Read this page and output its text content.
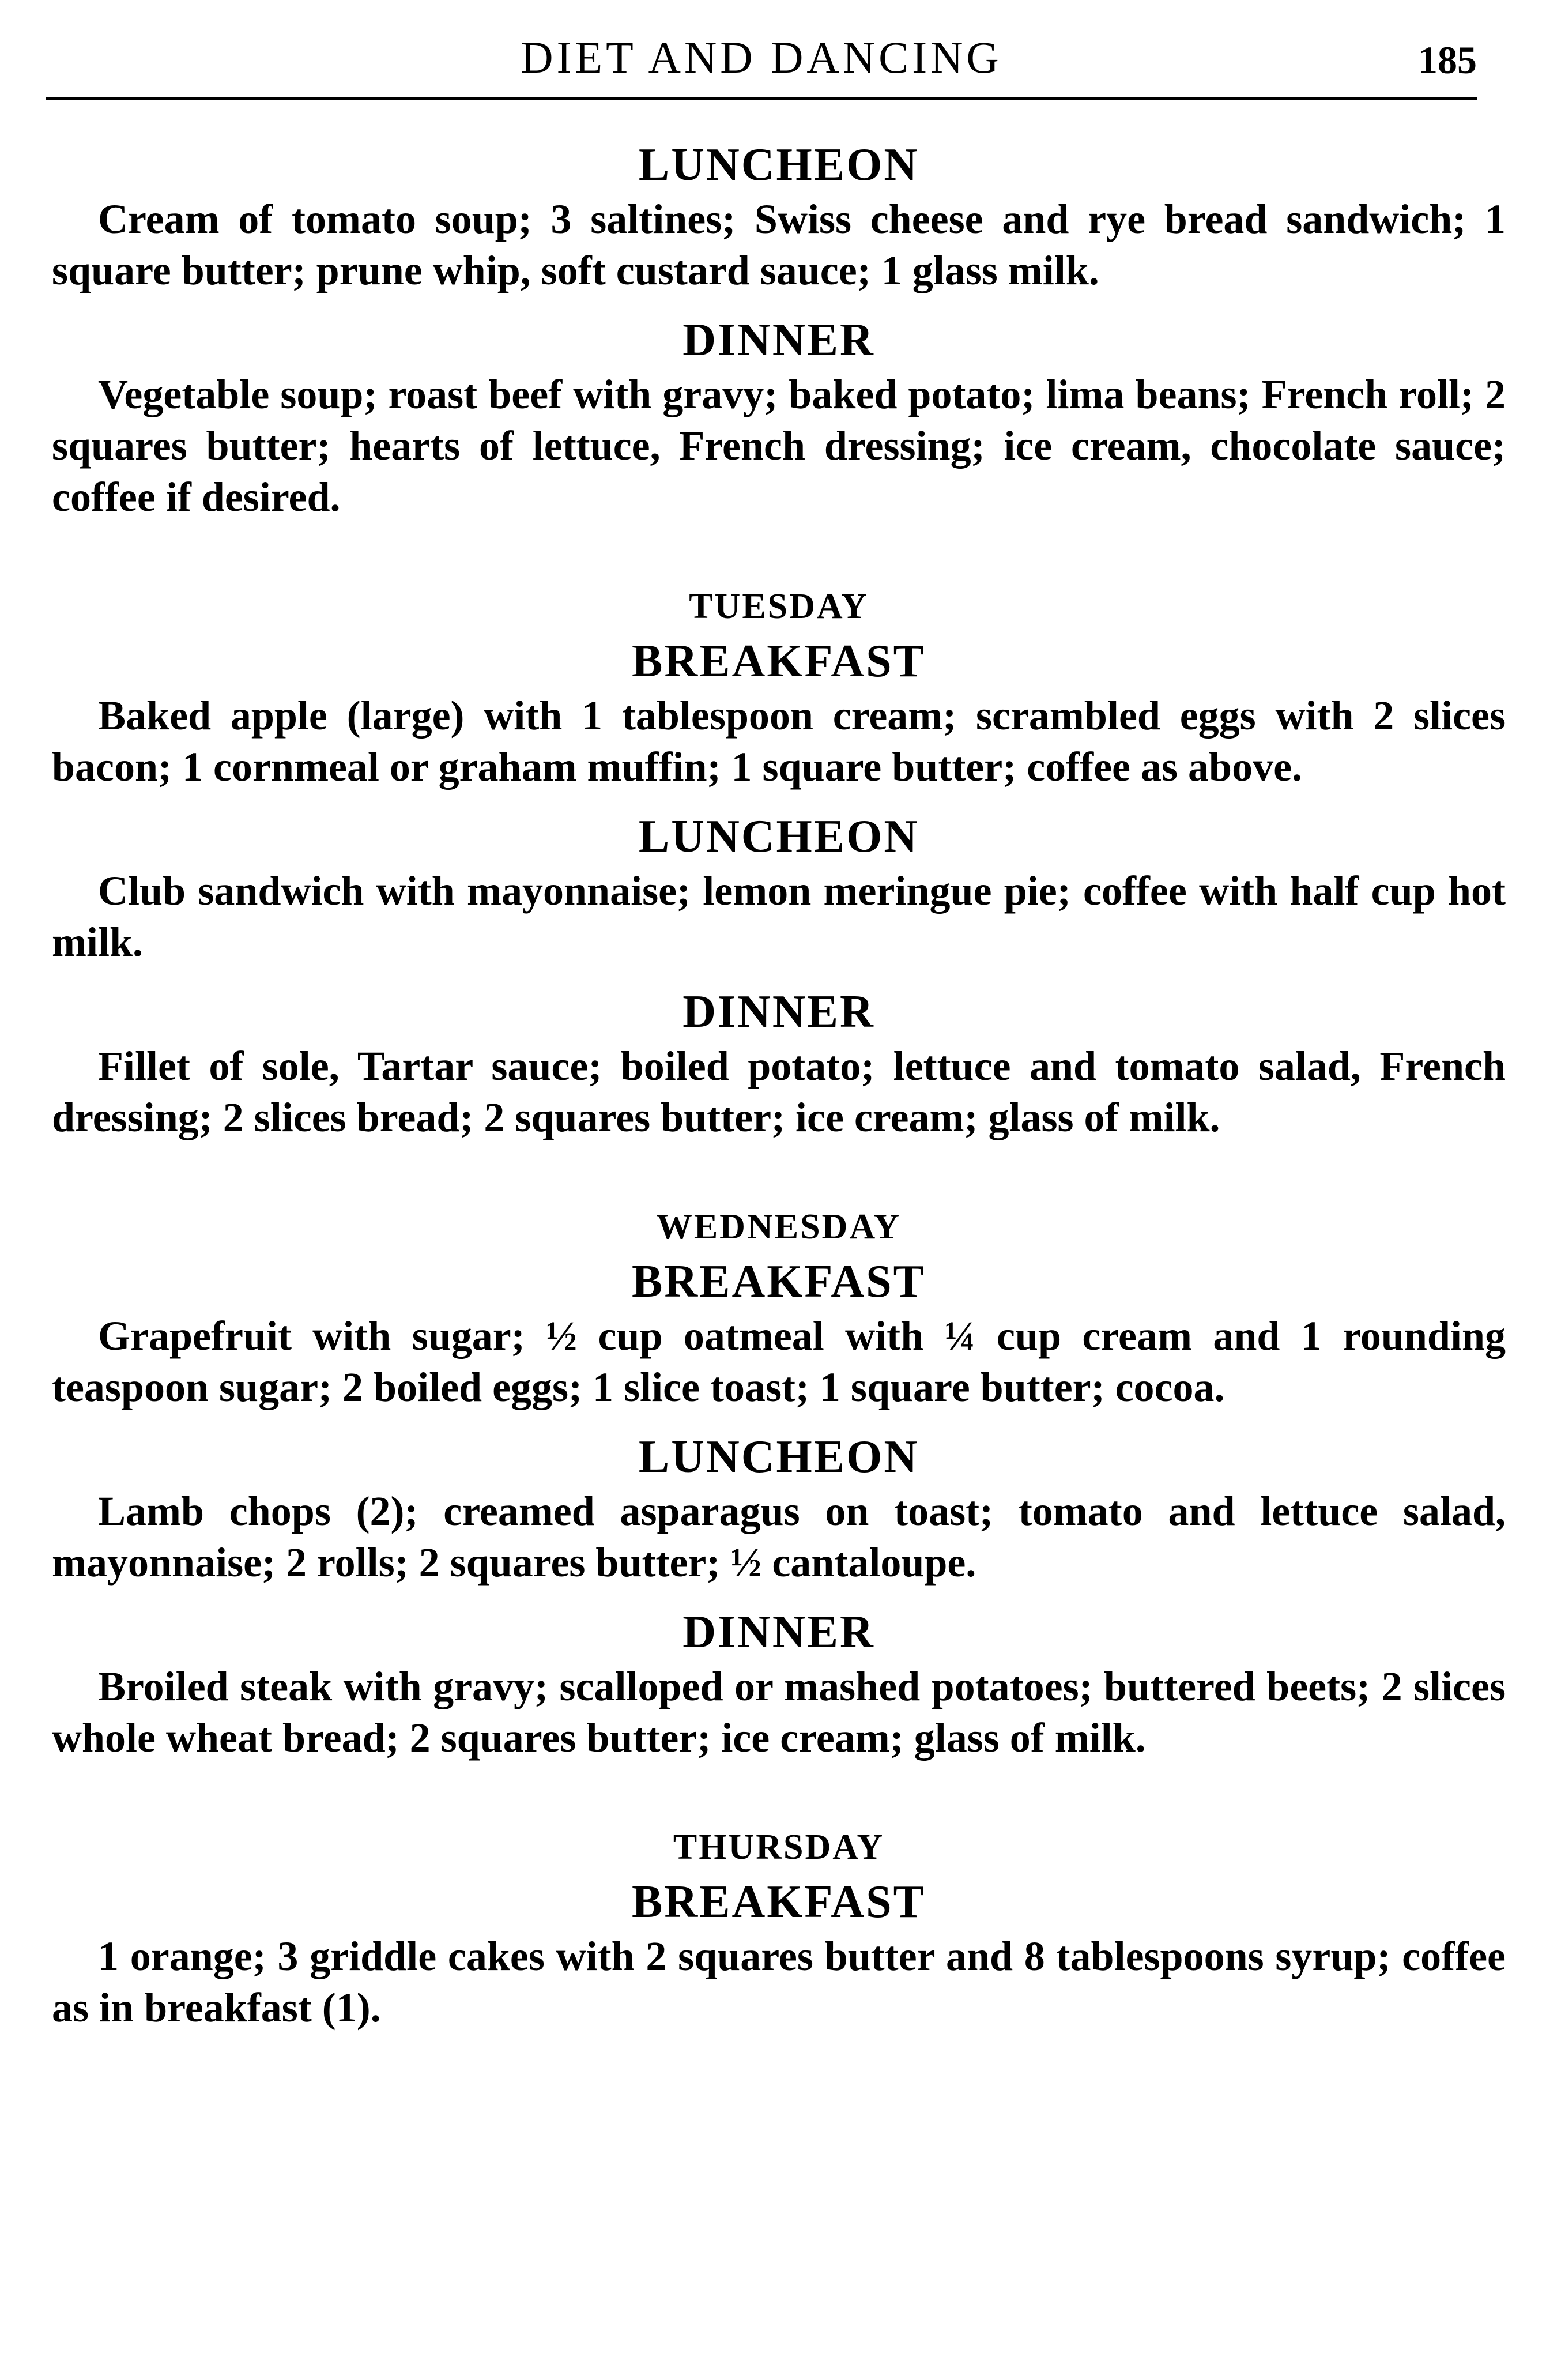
DIET AND DANCING	185
LUNCHEON

Cream of tomato soup; 3 saltines; Swiss cheese and rye bread sandwich; 1 square butter; prune whip, soft custard sauce; 1 glass milk.

DINNER

Vegetable soup; roast beef with gravy; baked potato; lima beans; French roll; 2 squares butter; hearts of lettuce, French dressing; ice cream, chocolate sauce; coffee if desired.

TUESDAY
BREAKFAST

Baked apple (large) with 1 tablespoon cream; scrambled eggs with 2 slices bacon; 1 cornmeal or graham muffin; 1 square butter; coffee as above.

LUNCHEON

Club sandwich with mayonnaise; lemon meringue pie; coffee with half cup hot milk.

DINNER

Fillet of sole, Tartar sauce; boiled potato; lettuce and tomato salad, French dressing; 2 slices bread; 2 squares butter; ice cream; glass of milk.

WEDNESDAY
BREAKFAST

Grapefruit with sugar; ½ cup oatmeal with ¼ cup cream and 1 rounding teaspoon sugar; 2 boiled eggs; 1 slice toast; 1 square butter; cocoa.

LUNCHEON

Lamb chops (2); creamed asparagus on toast; tomato and lettuce salad, mayonnaise; 2 rolls; 2 squares butter; ½ cantaloupe.

DINNER

Broiled steak with gravy; scalloped or mashed potatoes; buttered beets; 2 slices whole wheat bread; 2 squares butter; ice cream; glass of milk.

THURSDAY
BREAKFAST

1 orange; 3 griddle cakes with 2 squares butter and 8 tablespoons syrup; coffee as in breakfast (1).
